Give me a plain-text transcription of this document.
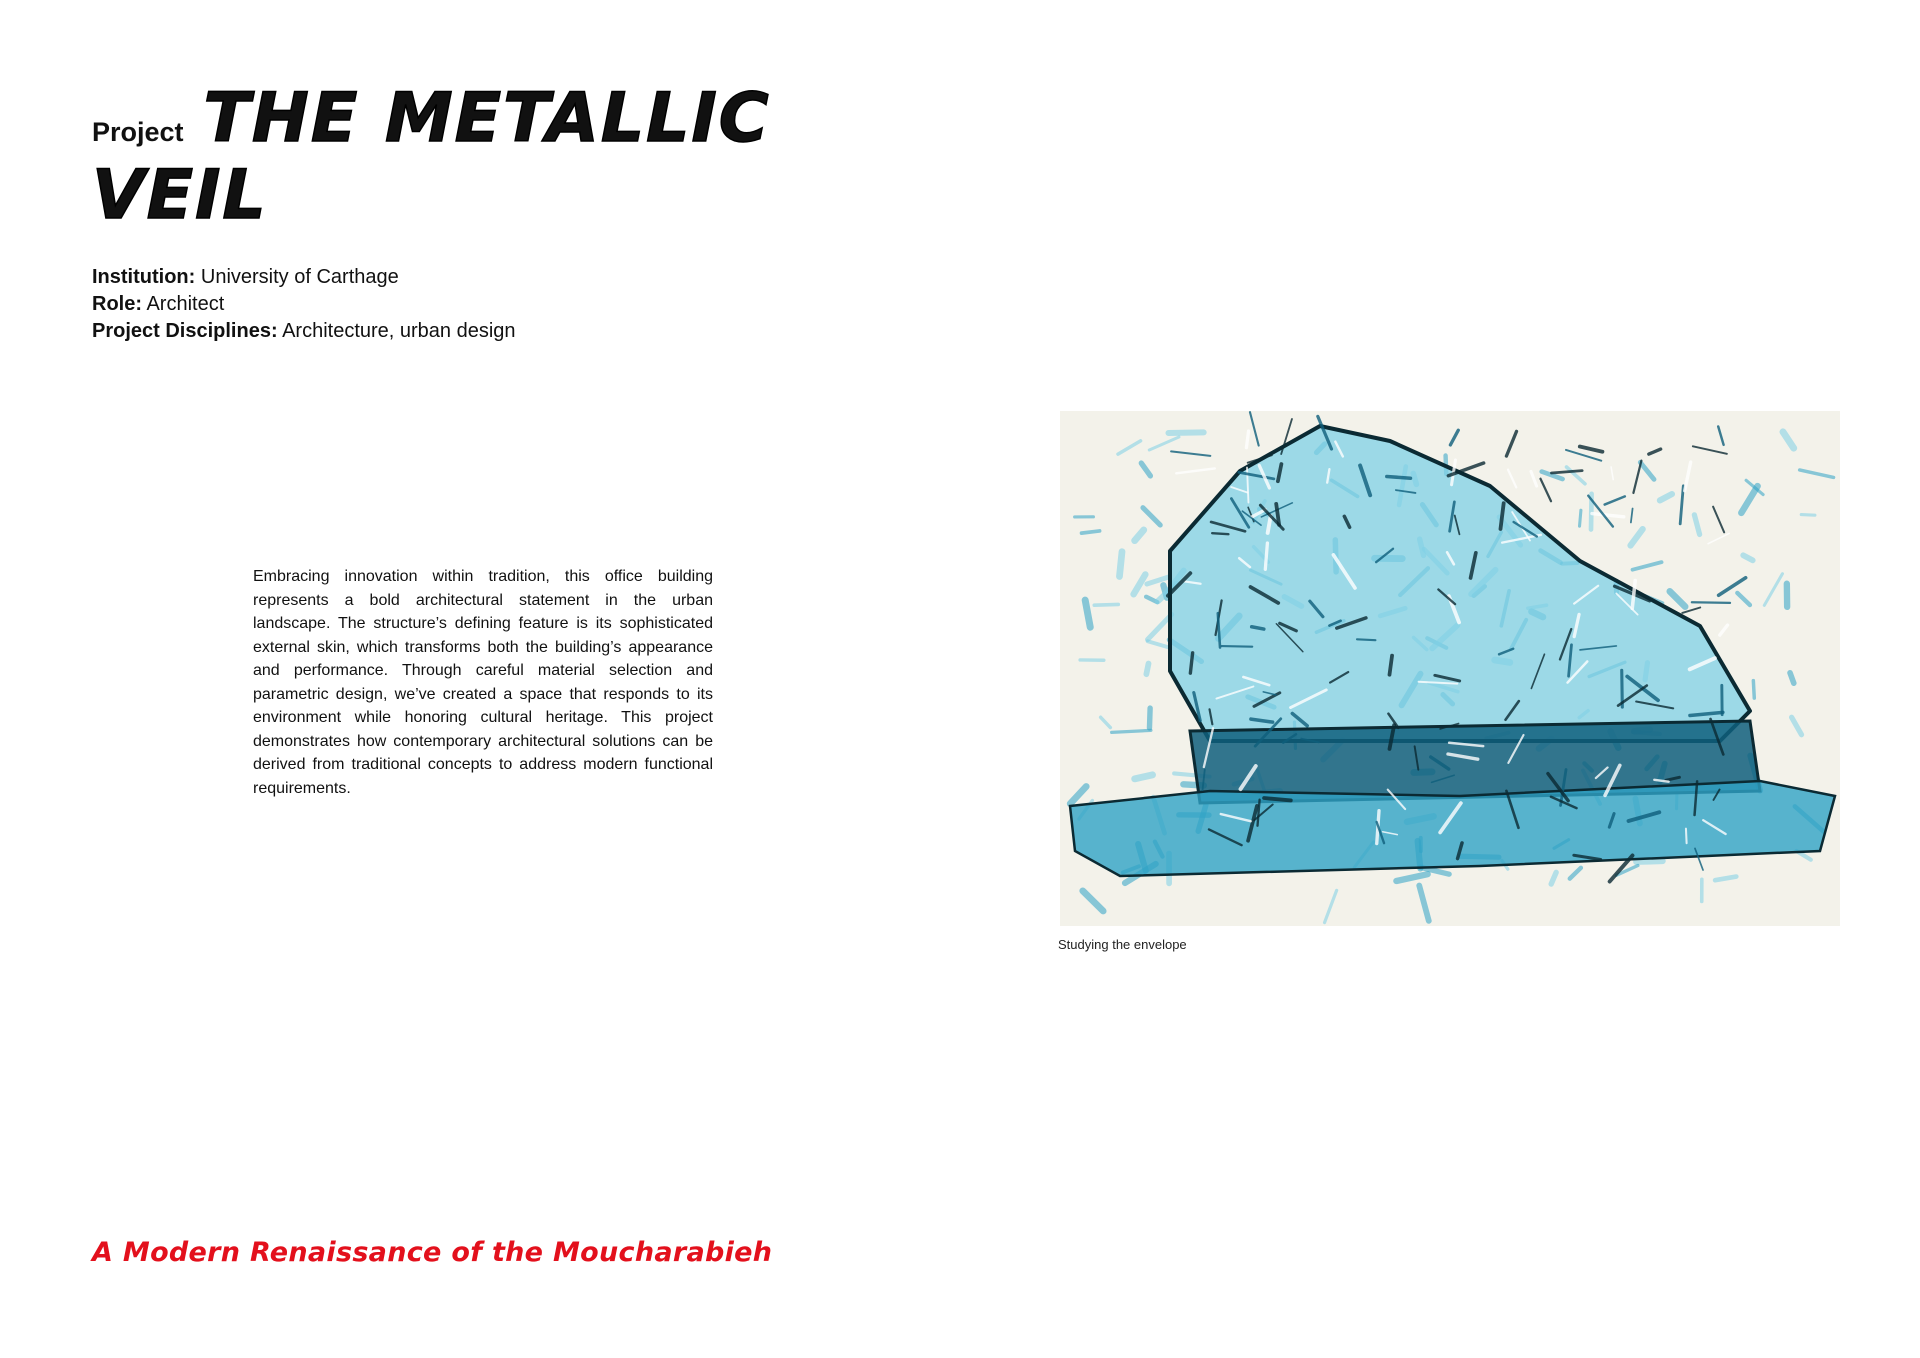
Project THE METALLIC
VEIL
Institution: University of Carthage
Role: Architect
Project Disciplines: Architecture, urban design
Embracing innovation within tradition, this office building represents a bold architectural statement in the urban landscape. The structure’s defining feature is its sophisticated external skin, which transforms both the building’s appearance and performance. Through careful material selection and parametric design, we’ve created a space that responds to its environment while honoring cultural heritage. This project demonstrates how contemporary architectural solutions can be derived from traditional concepts to address modern functional requirements.
Studying the envelope
A Modern Renaissance of the Moucharabieh
